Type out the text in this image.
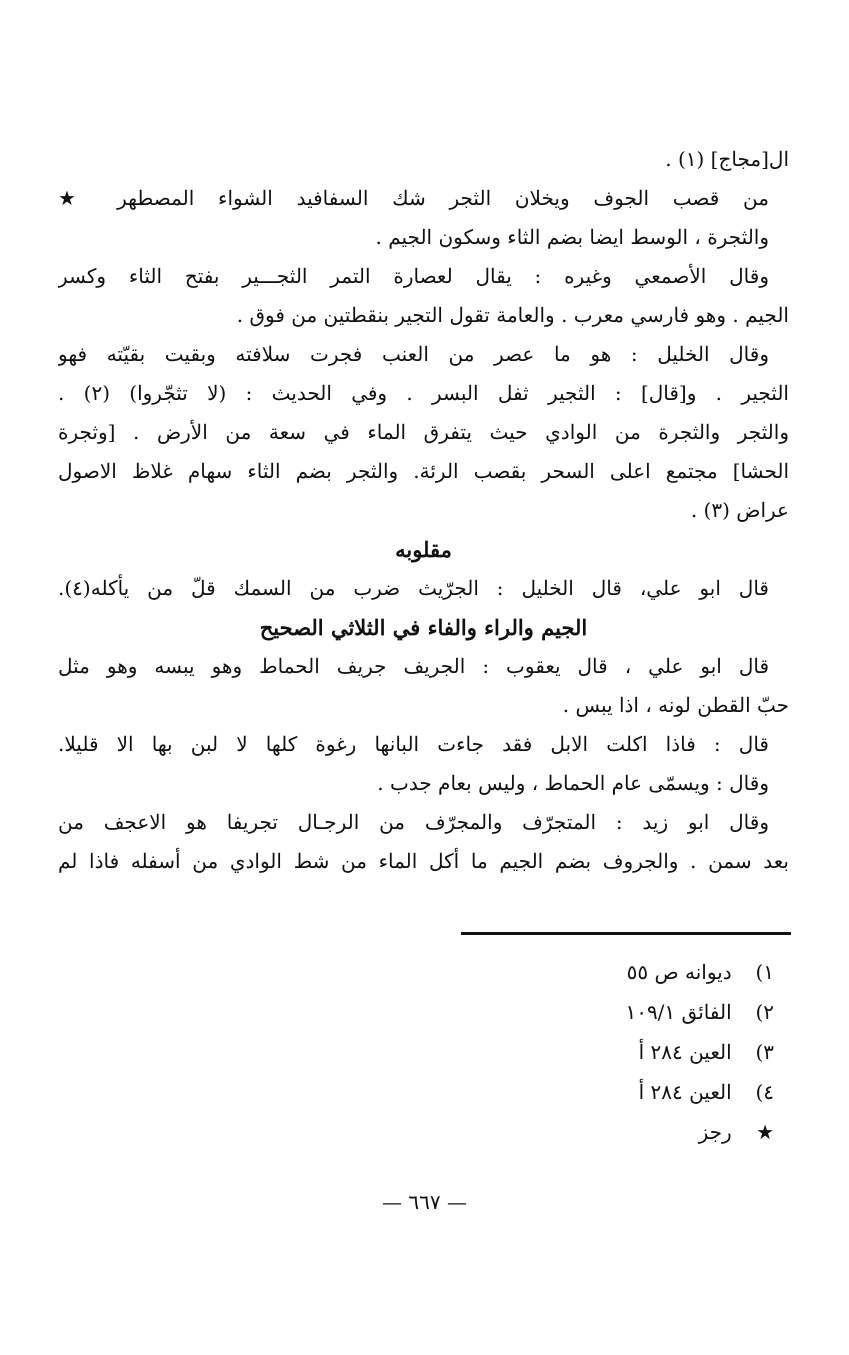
ال[مجاج] (١) .
من قصب الجوف ويخلان الثجر شك السفافيد الشواء المصطهر ★
والثجرة ، الوسط ايضا بضم الثاء وسكون الجيم .
وقال الأصمعي وغيره : يقال لعصارة التمر الثجـــير بفتح الثاء وكسر
الجيم . وهو فارسي معرب . والعامة تقول التجير بنقطتين من فوق .
وقال الخليل : هو ما عصر من العنب فجرت سلافته وبقيت بقيّته فهو
الثجير . و[قال] : الثجير ثفل البسر . وفي الحديث : (لا تثجّروا) (٢) .
والثجر والثجرة من الوادي حيث يتفرق الماء في سعة من الأرض . [وثجرة
الحشا] مجتمع اعلى السحر بقصب الرئة. والثجر بضم الثاء سهام غلاظ الاصول
عراض (٣) .
مقلوبه
قال ابو علي، قال الخليل : الجرّيث ضرب من السمك قلّ من يأكله(٤).
الجيم والراء والفاء في الثلاثي الصحيح
قال ابو علي ، قال يعقوب : الجريف جريف الحماط وهو يبسه وهو مثل
حبّ القطن لونه ، اذا يبس .
قال : فاذا اكلت الابل فقد جاءت البانها رغوة كلها لا لبن بها الا قليلا.
وقال : ويسمّى عام الحماط ، وليس بعام جدب .
وقال ابو زيد : المتجرّف والمجرّف من الرجـال تجريفا هو الاعجف من
بعد سمن . والجروف بضم الجيم ما أكل الماء من شط الوادي من أسفله فاذا لم
١) ديوانه ص ٥٥
٢) الفائق ١٠٩/١
٣) العين ٢٨٤ أ
٤) العين ٢٨٤ أ
★ رجز
— ٦٦٧ —
